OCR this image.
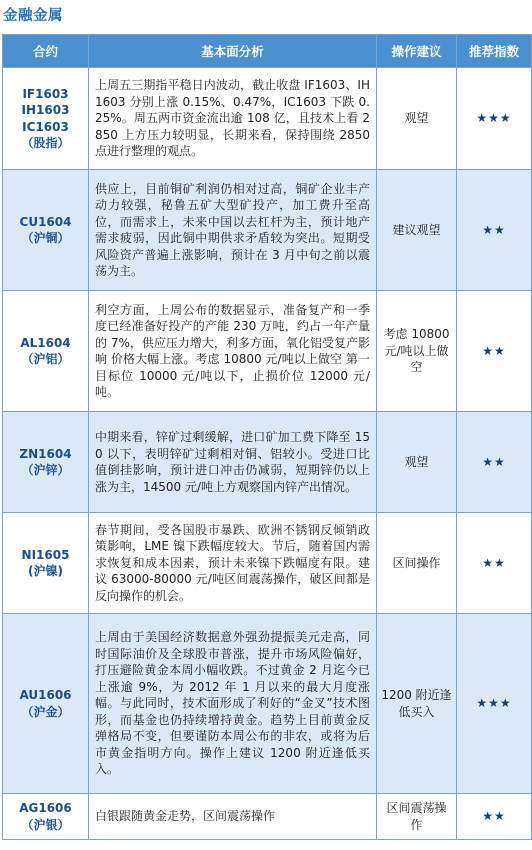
金融金属
合约	基本面分析	操作建议	推荐指数

IF1603
IH1603
IC1603
（股指）	上周五三期指平稳日内波动，截止收盘 IF1603、IH1603 分别上涨 0.15%、0.47%，IC1603 下跌 0.25%。周五两市资金流出逾 108 亿，且技术上看 2850 上方压力较明显，长期来看，保持围绕 2850 点进行整理的观点。	观望	★★★

CU1604
（沪铜）	供应上，目前铜矿利润仍相对过高，铜矿企业丰产动力较强，秘鲁五矿大型矿投产，加工费升至高位，而需求上，未来中国以去杠杆为主，预计地产需求疲弱，因此铜中期供求矛盾较为突出。短期受风险资产普遍上涨影响，预计在 3 月中旬之前以震荡为主。	建议观望	★★

AL1604
（沪铝）	利空方面，上周公布的数据显示，准备复产和一季度已经准备好投产的产能 230 万吨，约占一年产量的 7%，供应压力增大，利多方面，氧化铝受复产影响 价格大幅上涨。考虑 10800 元/吨以上做空 第一目标位 10000 元/吨以下，止损价位 12000 元/吨。	考虑 10800 元/吨以上做空	★★

ZN1604
（沪锌）	中期来看，锌矿过剩缓解，进口矿加工费下降至 150 以下，表明锌矿过剩相对铜、铝较小。受进口比值倒挂影响，预计进口冲击仍减弱，短期锌仍以上涨为主，14500 元/吨上方观察国内锌产出情况。	观望	★★

NI1605
(沪镍)	春节期间，受各国股市暴跌、欧洲不锈钢反倾销政策影响，LME 镍下跌幅度较大。节后，随着国内需求恢复和成本因素，预计未来镍下跌幅度有限。建议 63000-80000 元/吨区间震荡操作，破区间都是反向操作的机会。	区间操作	★★

AU1606
（沪金）	上周由于美国经济数据意外强劲提振美元走高，同时国际油价及全球股市普涨，提升市场风险偏好，打压避险黄金本周小幅收跌。不过黄金 2 月迄今已上涨逾 9%，为 2012 年 1 月以来的最大月度涨幅。与此同时，技术面形成了利好的“金叉”技术图形，而基金也仍持续增持黄金。趋势上目前黄金反弹格局不变，但要谨防本周公布的非农，或将为后市黄金指明方向。操作上建议 1200 附近逢低买入。	1200 附近逢低买入	★★★

AG1606
（沪银）	白银跟随黄金走势，区间震荡操作	区间震荡操作	★★
